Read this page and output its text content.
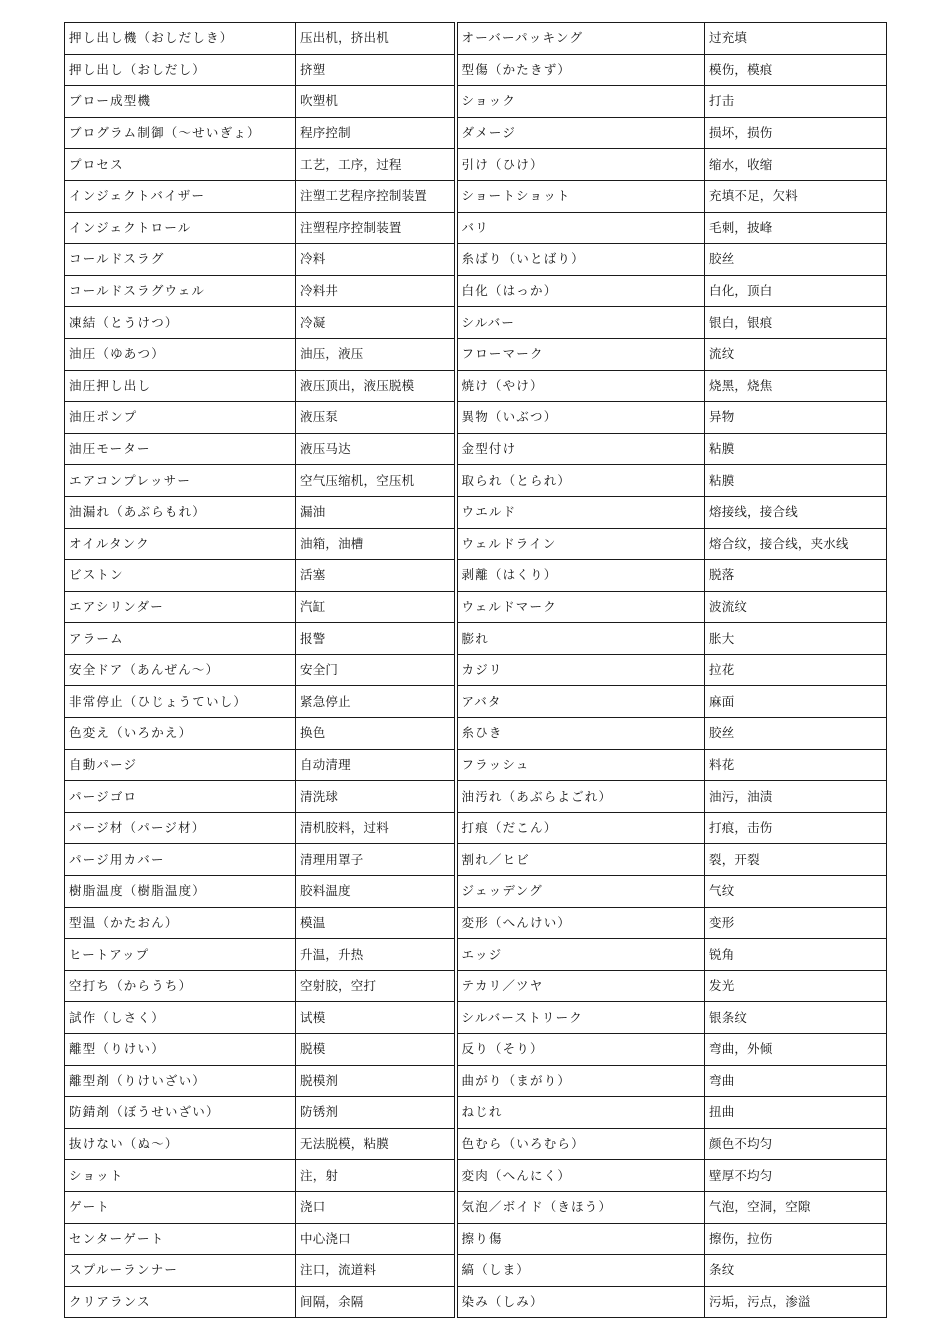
押し出し機（おしだしき）	压出机，挤出机	オーバーパッキング	过充填
押し出し（おしだし）	挤塑	型傷（かたきず）	模伤，模痕
ブロー成型機	吹塑机	ショック	打击
ブログラム制御（～せいぎょ）	程序控制	ダメージ	损坏，损伤
プロセス	工艺，工序，过程	引け（ひけ）	缩水，收缩
インジェクトバイザー	注塑工艺程序控制装置	ショートショット	充填不足，欠料
インジェクトロール	注塑程序控制装置	バリ	毛刺，披峰
コールドスラグ	冷料	糸ばり（いとばり）	胶丝
コールドスラグウェル	冷料井	白化（はっか）	白化，顶白
凍結（とうけつ）	冷凝	シルバー	银白，银痕
油圧（ゆあつ）	油压，液压	フローマーク	流纹
油圧押し出し	液压顶出，液压脱模	焼け（やけ）	烧黑，烧焦
油圧ポンプ	液压泵	異物（いぶつ）	异物
油圧モーター	液压马达	金型付け	粘膜
エアコンプレッサー	空气压缩机，空压机	取られ（とられ）	粘膜
油漏れ（あぶらもれ）	漏油	ウエルド	熔接线，接合线
オイルタンク	油箱，油槽	ウェルドライン	熔合纹，接合线，夹水线
ビストン	活塞	剥離（はくり）	脱落
エアシリンダー	汽缸	ウェルドマーク	波流纹
アラーム	报警	膨れ	胀大
安全ドア（あんぜん～）	安全门	カジリ	拉花
非常停止（ひじょうていし）	紧急停止	アバタ	麻面
色変え（いろかえ）	换色	糸ひき	胶丝
自動パージ	自动清理	フラッシュ	料花
パージゴロ	清洗球	油汚れ（あぶらよごれ）	油污，油渍
パージ材（パージ材）	清机胶料，过料	打痕（だこん）	打痕，击伤
パージ用カバー	清理用罩子	割れ／ヒビ	裂，开裂
樹脂温度（樹脂温度）	胶料温度	ジェッデング	气纹
型温（かたおん）	模温	変形（へんけい）	变形
ヒートアップ	升温，升热	エッジ	锐角
空打ち（からうち）	空射胶，空打	テカリ／ツヤ	发光
試作（しさく）	试模	シルバーストリーク	银条纹
離型（りけい）	脱模	反り（そり）	弯曲，外倾
離型剤（りけいざい）	脱模剂	曲がり（まがり）	弯曲
防錆剤（ぼうせいざい）	防锈剂	ねじれ	扭曲
抜けない（ぬ～）	无法脱模，粘膜	色むら（いろむら）	颜色不均匀
ショット	注，射	変肉（へんにく）	壁厚不均匀
ゲート	浇口	気泡／ボイド（きほう）	气泡，空洞，空隙
センターゲート	中心浇口	擦り傷	擦伤，拉伤
スプルーランナー	注口，流道料	縞（しま）	条纹
クリアランス	间隔，余隔	染み（しみ）	污垢，污点，渗溢
